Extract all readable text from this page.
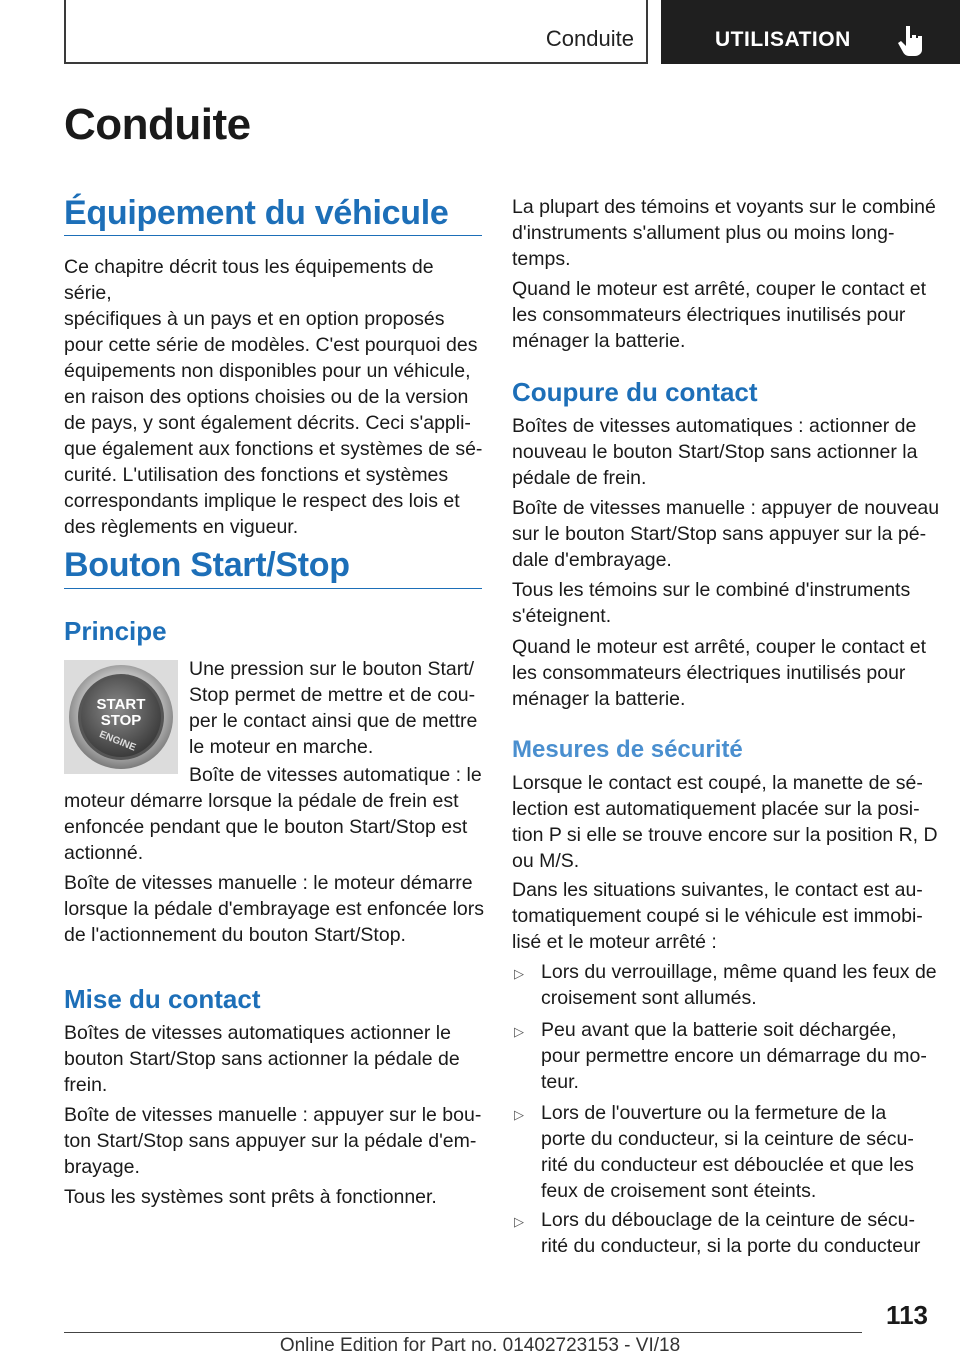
Conduite	UTILISATION
Conduite
Équipement du véhicule

Ce chapitre décrit tous les équipements de série,
spécifiques à un pays et en option proposés
pour cette série de modèles. C'est pourquoi des
équipements non disponibles pour un véhicule,
en raison des options choisies ou de la version
de pays, y sont également décrits. Ceci s'appli‐
que également aux fonctions et systèmes de sé‐
curité. L'utilisation des fonctions et systèmes
correspondants implique le respect des lois et
des règlements en vigueur.

Bouton Start/Stop
Principe
START
STOP
ENGINE

Une pression sur le bouton Start/
Stop permet de mettre et de cou‐
per le contact ainsi que de mettre
le moteur en marche.

Boîte de vitesses automatique : le

moteur démarre lorsque la pédale de frein est
enfoncée pendant que le bouton Start/Stop est
actionné.

Boîte de vitesses manuelle : le moteur démarre
lorsque la pédale d'embrayage est enfoncée lors
de l'actionnement du bouton Start/Stop.

Mise du contact

Boîtes de vitesses automatiques actionner le
bouton Start/Stop sans actionner la pédale de
frein.

Boîte de vitesses manuelle : appuyer sur le bou‐
ton Start/Stop sans appuyer sur la pédale d'em‐
brayage.

Tous les systèmes sont prêts à fonctionner.

La plupart des témoins et voyants sur le combiné
d'instruments s'allument plus ou moins long‐
temps.

Quand le moteur est arrêté, couper le contact et
les consommateurs électriques inutilisés pour
ménager la batterie.

Coupure du contact

Boîtes de vitesses automatiques : actionner de
nouveau le bouton Start/Stop sans actionner la
pédale de frein.

Boîte de vitesses manuelle : appuyer de nouveau
sur le bouton Start/Stop sans appuyer sur la pé‐
dale d'embrayage.

Tous les témoins sur le combiné d'instruments
s'éteignent.

Quand le moteur est arrêté, couper le contact et
les consommateurs électriques inutilisés pour
ménager la batterie.

Mesures de sécurité

Lorsque le contact est coupé, la manette de sé‐
lection est automatiquement placée sur la posi‐
tion P si elle se trouve encore sur la position R, D
ou M/S.

Dans les situations suivantes, le contact est au‐
tomatiquement coupé si le véhicule est immobi‐
lisé et le moteur arrêté :

▷ Lors du verrouillage, même quand les feux de
croisement sont allumés.

▷ Peu avant que la batterie soit déchargée,
pour permettre encore un démarrage du mo‐
teur.

▷ Lors de l'ouverture ou la fermeture de la
porte du conducteur, si la ceinture de sécu‐
rité du conducteur est débouclée et que les
feux de croisement sont éteints.

▷ Lors du débouclage de la ceinture de sécu‐
rité du conducteur, si la porte du conducteur

113
Online Edition for Part no. 01402723153 - VI/18
